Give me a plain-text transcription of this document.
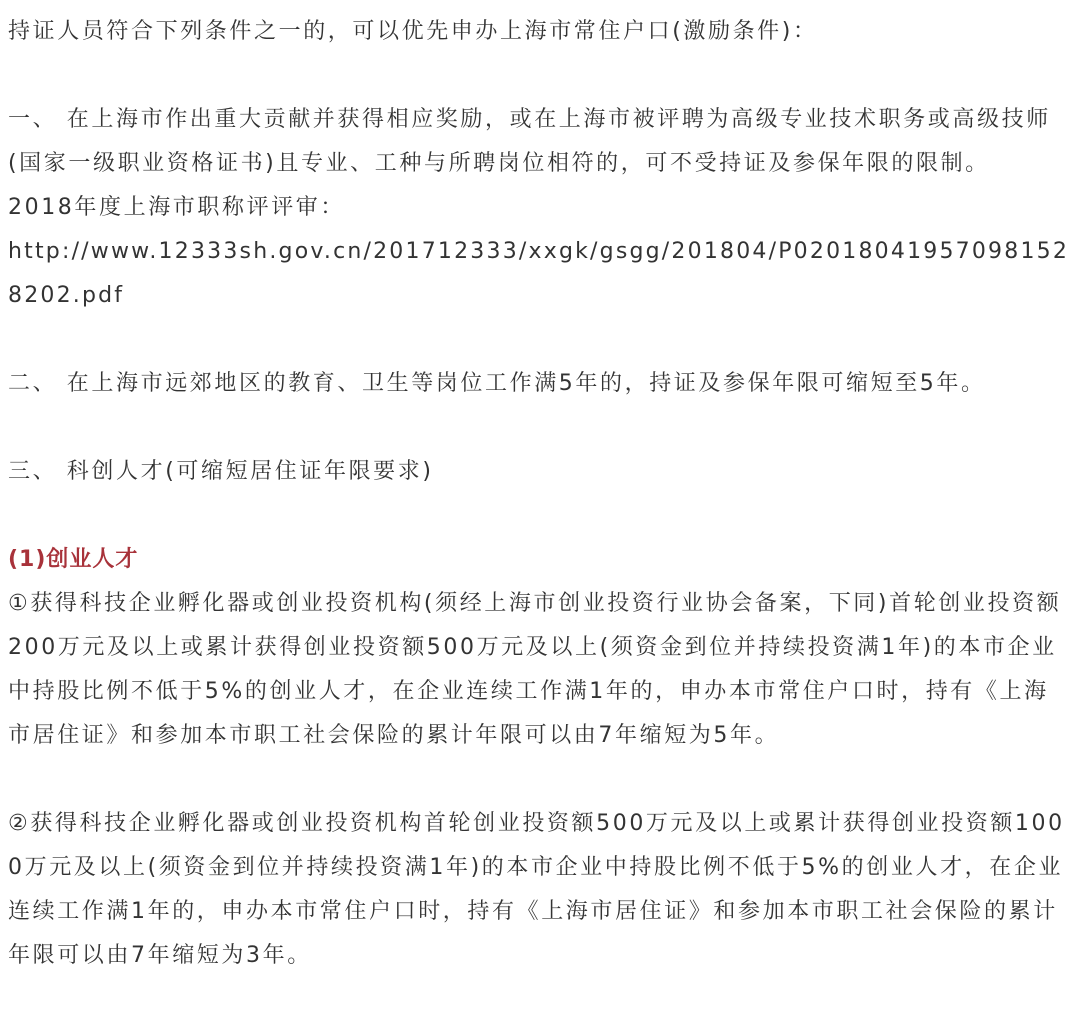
持证人员符合下列条件之一的，可以优先申办上海市常住户口(激励条件)：

一、 在上海市作出重大贡献并获得相应奖励，或在上海市被评聘为高级专业技术职务或高级技师(国家一级职业资格证书)且专业、工种与所聘岗位相符的，可不受持证及参保年限的限制。

2018年度上海市职称评评审：

http://www.12333sh.gov.cn/201712333/xxgk/gsgg/201804/P020180419570981528202.pdf

二、 在上海市远郊地区的教育、卫生等岗位工作满5年的，持证及参保年限可缩短至5年。

三、 科创人才(可缩短居住证年限要求)

(1)创业人才

①获得科技企业孵化器或创业投资机构(须经上海市创业投资行业协会备案，下同)首轮创业投资额200万元及以上或累计获得创业投资额500万元及以上(须资金到位并持续投资满1年)的本市企业中持股比例不低于5%的创业人才，在企业连续工作满1年的，申办本市常住户口时，持有《上海市居住证》和参加本市职工社会保险的累计年限可以由7年缩短为5年。

②获得科技企业孵化器或创业投资机构首轮创业投资额500万元及以上或累计获得创业投资额1000万元及以上(须资金到位并持续投资满1年)的本市企业中持股比例不低于5%的创业人才，在企业连续工作满1年的，申办本市常住户口时，持有《上海市居住证》和参加本市职工社会保险的累计年限可以由7年缩短为3年。
